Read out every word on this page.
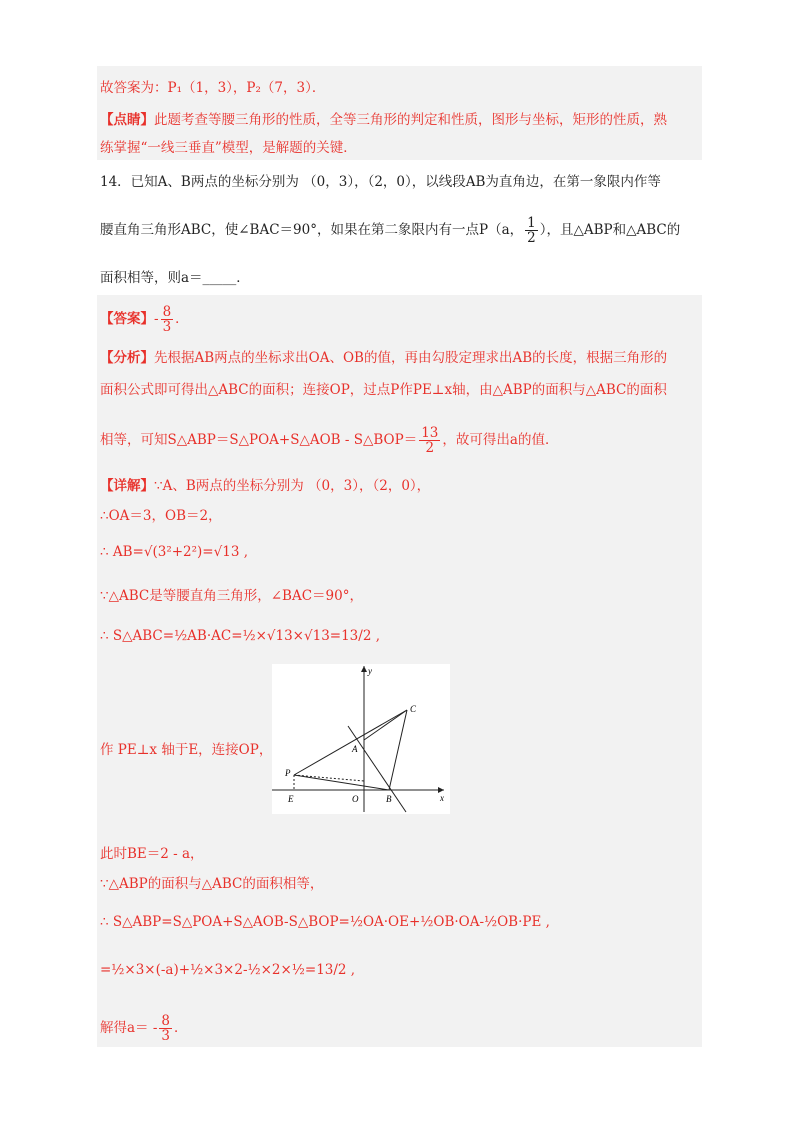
故答案为：P₁（1，3），P₂（7，3）．
【点睛】此题考查等腰三角形的性质，全等三角形的判定和性质，图形与坐标，矩形的性质，熟
练掌握“一线三垂直”模型，是解题的关键．
14．已知A、B两点的坐标分别为 （0，3），（2，0），以线段AB为直角边，在第一象限内作等
腰直角三角形ABC，使∠BAC＝90°，如果在第二象限内有一点P（a， $\frac{1}{2}$ ），且△ABP和△ABC的
面积相等，则a＝_____．
【答案】- $\frac{8}{3}$ ．
【分析】先根据AB两点的坐标求出OA、OB的值，再由勾股定理求出AB的长度，根据三角形的
面积公式即可得出△ABC的面积；连接OP，过点P作PE⊥x轴，由△ABP的面积与△ABC的面积
相等，可知S△ABP＝S△POA+S△AOB - S△BOP＝ $\frac{13}{2}$ ，故可得出a的值．
【详解】∵A、B两点的坐标分别为 （0，3），（2，0），
∴OA＝3，OB＝2，
∴ AB=√(3²+2²)=√13 ,
∵△ABC是等腰直角三角形，∠BAC＝90°，
∴ S△ABC=½AB·AC=½×√13×√13=13/2 ,
作 PE⊥x 轴于E，连接OP，
y
x
C
A
P
E	O	B
此时BE＝2 - a，
∵△ABP的面积与△ABC的面积相等，
∴ S△ABP=S△POA+S△AOB-S△BOP=½OA·OE+½OB·OA-½OB·PE ,
=½×3×(-a)+½×3×2-½×2×½=13/2 ,
解得$a= - \frac{8}{3}$ ．
